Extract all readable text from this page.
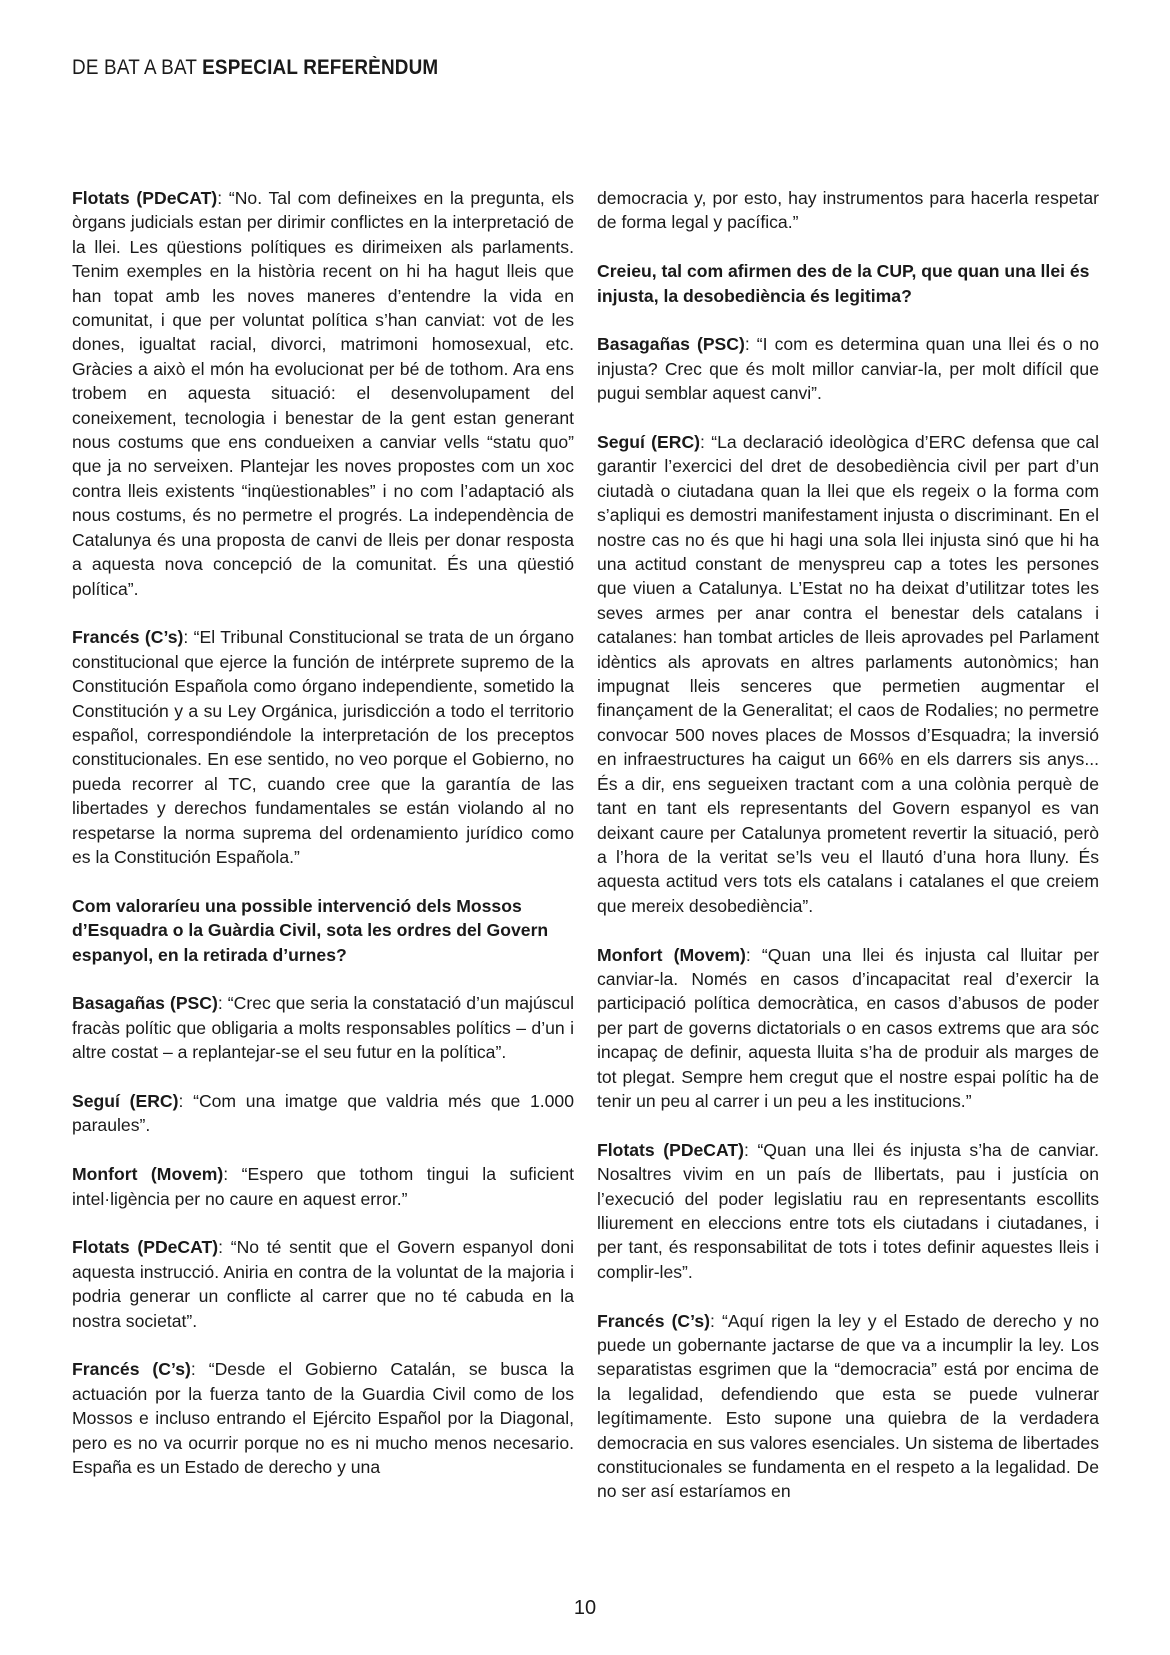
DE BAT A BAT ESPECIAL REFERÈNDUM

Flotats (PDeCAT): “No. Tal com defineixes en la pregunta, els òrgans judicials estan per dirimir conflictes en la interpretació de la llei. Les qüestions polítiques es dirimeixen als parlaments. Tenim exemples en la història recent on hi ha hagut lleis que han topat amb les noves maneres d’entendre la vida en comunitat, i que per voluntat política s’han canviat: vot de les dones, igualtat racial, divorci, matrimoni homosexual, etc. Gràcies a això el món ha evolucionat per bé de tothom. Ara ens trobem en aquesta situació: el desenvolupament del coneixement, tecnologia i benestar de la gent estan generant nous costums que ens condueixen a canviar vells “statu quo” que ja no serveixen. Plantejar les noves propostes com un xoc contra lleis existents “inqüestionables” i no com l’adaptació als nous costums, és no permetre el progrés. La independència de Catalunya és una proposta de canvi de lleis per donar resposta a aquesta nova concepció de la comunitat. És una qüestió política”.

Francés (C’s): “El Tribunal Constitucional se trata de un órgano constitucional que ejerce la función de intérprete supremo de la Constitución Española como órgano independiente, sometido la Constitución y a su Ley Orgánica, jurisdicción a todo el territorio español, correspondiéndole la interpretación de los preceptos constitucionales. En ese sentido, no veo porque el Gobierno, no pueda recorrer al TC, cuando cree que la garantía de las libertades y derechos fundamentales se están violando al no respetarse la norma suprema del ordenamiento jurídico como es la Constitución Española.”

Com valoraríeu una possible intervenció dels Mossos d’Esquadra o la Guàrdia Civil, sota les ordres del Govern espanyol, en la retirada d’urnes?

Basagañas (PSC): “Crec que seria la constatació d’un majúscul fracàs polític que obligaria a molts responsables polítics – d’un i altre costat – a replantejar-se el seu futur en la política”.

Seguí (ERC): “Com una imatge que valdria més que 1.000 paraules”.

Monfort (Movem): “Espero que tothom tingui la suficient intel·ligència per no caure en aquest error.”

Flotats (PDeCAT): “No té sentit que el Govern espanyol doni aquesta instrucció. Aniria en contra de la voluntat de la majoria i podria generar un conflicte al carrer que no té cabuda en la nostra societat”.

Francés (C’s): “Desde el Gobierno Catalán, se busca la actuación por la fuerza tanto de la Guardia Civil como de los Mossos e incluso entrando el Ejército Español por la Diagonal, pero es no va ocurrir porque no es ni mucho menos necesario. España es un Estado de derecho y una

democracia y, por esto, hay instrumentos para hacerla respetar de forma legal y pacífica.”

Creieu, tal com afirmen des de la CUP, que quan una llei és injusta, la desobediència és legitima?

Basagañas (PSC): “I com es determina quan una llei és o no injusta? Crec que és molt millor canviar-la, per molt difícil que pugui semblar aquest canvi”.

Seguí (ERC): “La declaració ideològica d’ERC defensa que cal garantir l’exercici del dret de desobediència civil per part d’un ciutadà o ciutadana quan la llei que els regeix o la forma com s’apliqui es demostri manifestament injusta o discriminant. En el nostre cas no és que hi hagi una sola llei injusta sinó que hi ha una actitud constant de menyspreu cap a totes les persones que viuen a Catalunya. L’Estat no ha deixat d’utilitzar totes les seves armes per anar contra el benestar dels catalans i catalanes: han tombat articles de lleis aprovades pel Parlament idèntics als aprovats en altres parlaments autonòmics; han impugnat lleis senceres que permetien augmentar el finançament de la Generalitat; el caos de Rodalies; no permetre convocar 500 noves places de Mossos d’Esquadra; la inversió en infraestructures ha caigut un 66% en els darrers sis anys... És a dir, ens segueixen tractant com a una colònia perquè de tant en tant els representants del Govern espanyol es van deixant caure per Catalunya prometent revertir la situació, però a l’hora de la veritat se’ls veu el llautó d’una hora lluny. És aquesta actitud vers tots els catalans i catalanes el que creiem que mereix desobediència”.

Monfort (Movem): “Quan una llei és injusta cal lluitar per canviar-la. Només en casos d’incapacitat real d’exercir la participació política democràtica, en casos d’abusos de poder per part de governs dictatorials o en casos extrems que ara sóc incapaç de definir, aquesta lluita s’ha de produir als marges de tot plegat. Sempre hem cregut que el nostre espai polític ha de tenir un peu al carrer i un peu a les institucions.”

Flotats (PDeCAT): “Quan una llei és injusta s’ha de canviar. Nosaltres vivim en un país de llibertats, pau i justícia on l’execució del poder legislatiu rau en representants escollits lliurement en eleccions entre tots els ciutadans i ciutadanes, i per tant, és responsabilitat de tots i totes definir aquestes lleis i complir-les”.

Francés (C’s): “Aquí rigen la ley y el Estado de derecho y no puede un gobernante jactarse de que va a incumplir la ley. Los separatistas esgrimen que la “democracia” está por encima de la legalidad, defendiendo que esta se puede vulnerar legítimamente. Esto supone una quiebra de la verdadera democracia en sus valores esenciales. Un sistema de libertades constitucionales se fundamenta en el respeto a la legalidad. De no ser así estaríamos en

10
